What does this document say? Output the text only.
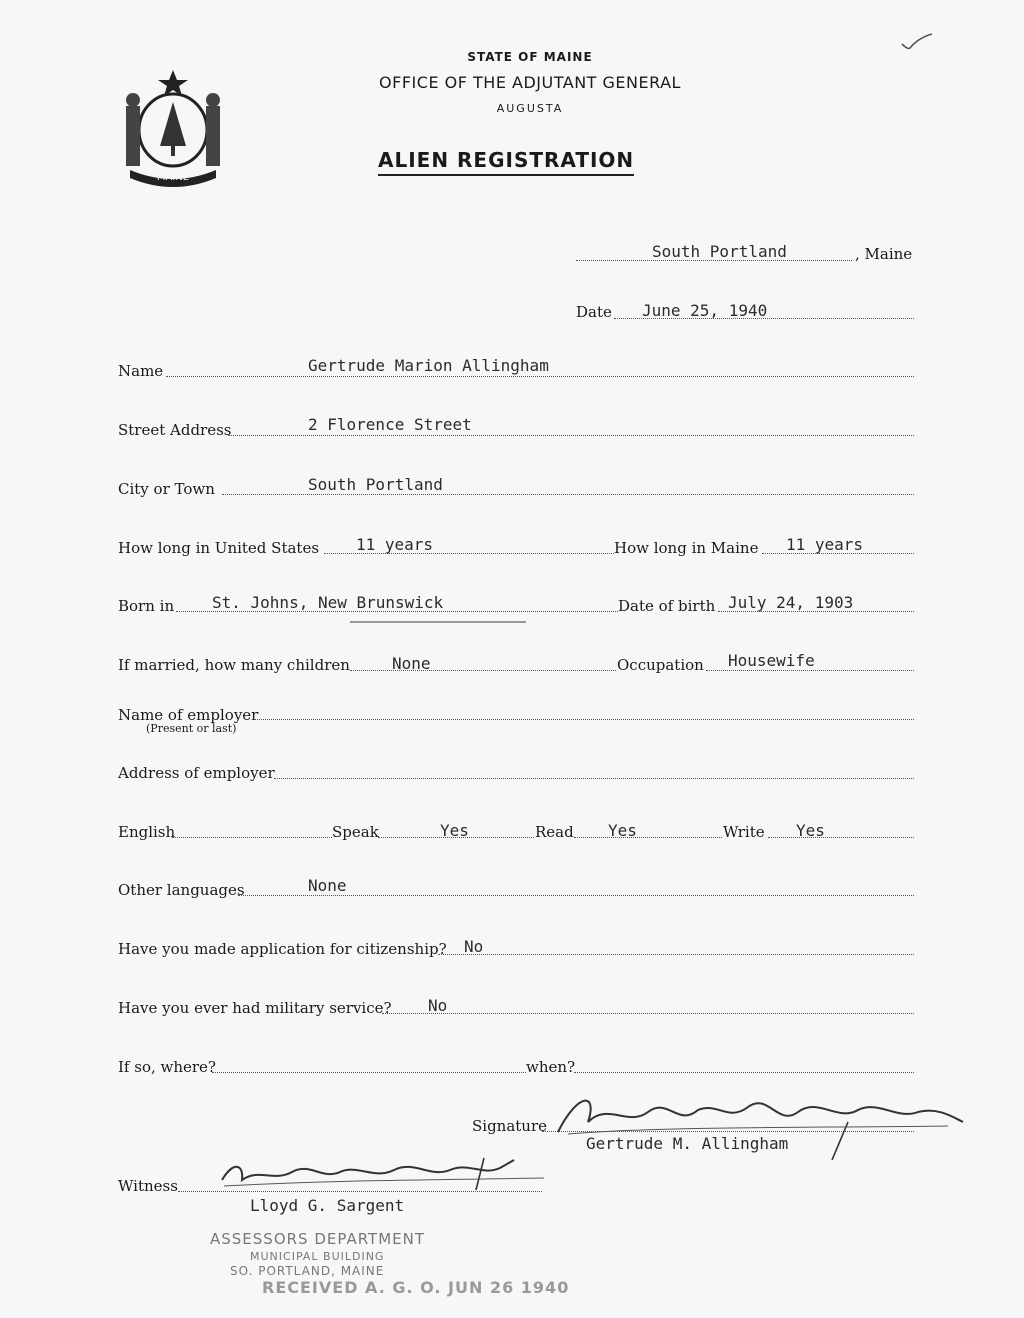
MAINE
STATE OF MAINE
OFFICE OF THE ADJUTANT GENERAL
AUGUSTA
ALIEN REGISTRATION
South Portland	, Maine
Date June 25, 1940
Name	Gertrude Marion Allingham
Street Address	2 Florence Street
City or Town	South Portland
How long in United States 11 years	How long in Maine 11 years
Born in St. Johns, New Brunswick	Date of birth July 24, 1903
If married, how many children	None	Occupation Housewife
Name of employer
(Present or last)
Address of employer
English	Speak	Yes	Read Yes	Write Yes
Other languages	None
Have you made application for citizenship? No
Have you ever had military service? No
If so, where?	when?
Signature
Gertrude M. Allingham
Witness
Lloyd G. Sargent
ASSESSORS DEPARTMENT
MUNICIPAL BUILDING
SO. PORTLAND, MAINE
RECEIVED A. G. O. JUN 26 1940
